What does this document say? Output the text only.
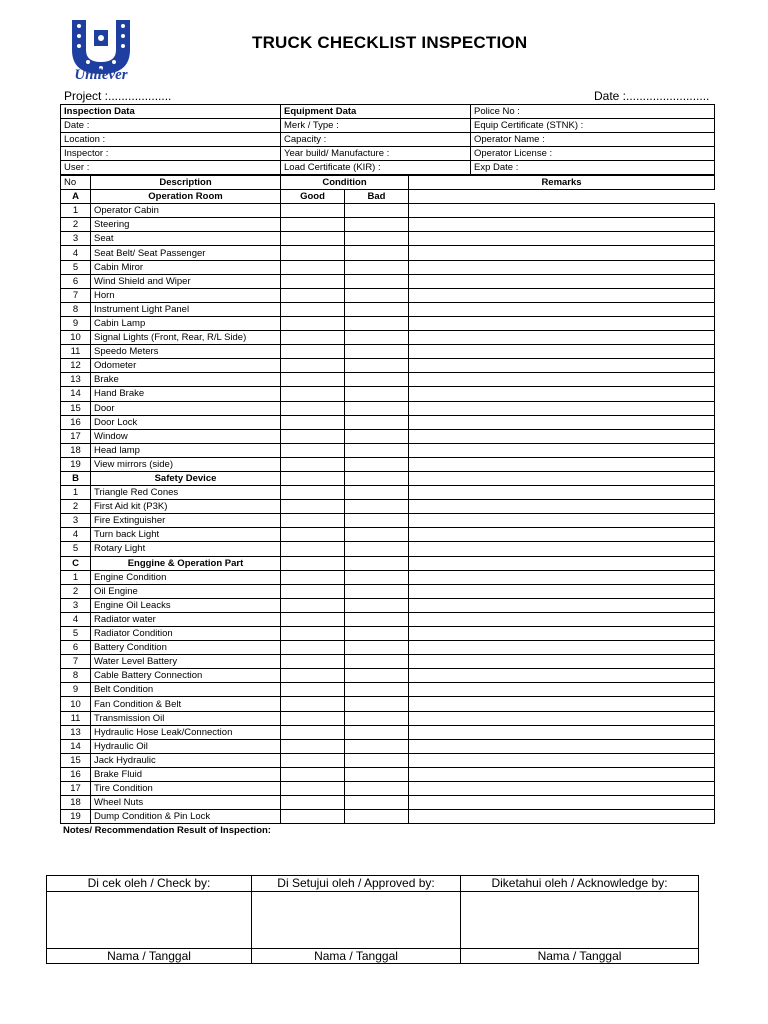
Unilever
TRUCK CHECKLIST INSPECTION
Project :...................	Date :.........................
Inspection Data	Equipment Data	Police No :
Date :	Merk / Type :	Equip Certificate (STNK) :
Location :	Capacity :	Operator Name :
Inspector :	Year build/ Manufacture :	Operator License :
User :	Load Certificate (KIR) :	Exp Date :
No	Description	Condition		Remarks
A	Operation Room	Good	Bad	
1	Operator Cabin			
2	Steering			
3	Seat			
4	Seat Belt/ Seat Passenger			
5	Cabin Miror			
6	Wind Shield and Wiper			
7	Horn			
8	Instrument Light Panel			
9	Cabin Lamp			
10	Signal Lights (Front, Rear, R/L Side)			
11	Speedo Meters			
12	Odometer			
13	Brake			
14	Hand Brake			
15	Door			
16	Door Lock			
17	Window			
18	Head lamp			
19	View mirrors (side)			
B	Safety Device			
1	Triangle Red Cones			
2	First Aid kit (P3K)			
3	Fire Extinguisher			
4	Turn back Light			
5	Rotary Light			
C	Enggine & Operation Part			
1	Engine Condition			
2	Oil Engine			
3	Engine Oil Leacks			
4	Radiator water			
5	Radiator Condition			
6	Battery Condition			
7	Water Level Battery			
8	Cable Battery Connection			
9	Belt Condition			
10	Fan Condition & Belt			
11	Transmission Oil			
13	Hydraulic Hose Leak/Connection			
14	Hydraulic Oil			
15	Jack Hydraulic			
16	Brake Fluid			
17	Tire Condition			
18	Wheel Nuts			
19	Dump Condition & Pin Lock			
Notes/ Recommendation Result of Inspection:
Di cek oleh / Check by:	Di Setujui oleh / Approved by:	Diketahui oleh / Acknowledge by:

Nama / Tanggal	Nama / Tanggal	Nama / Tanggal
